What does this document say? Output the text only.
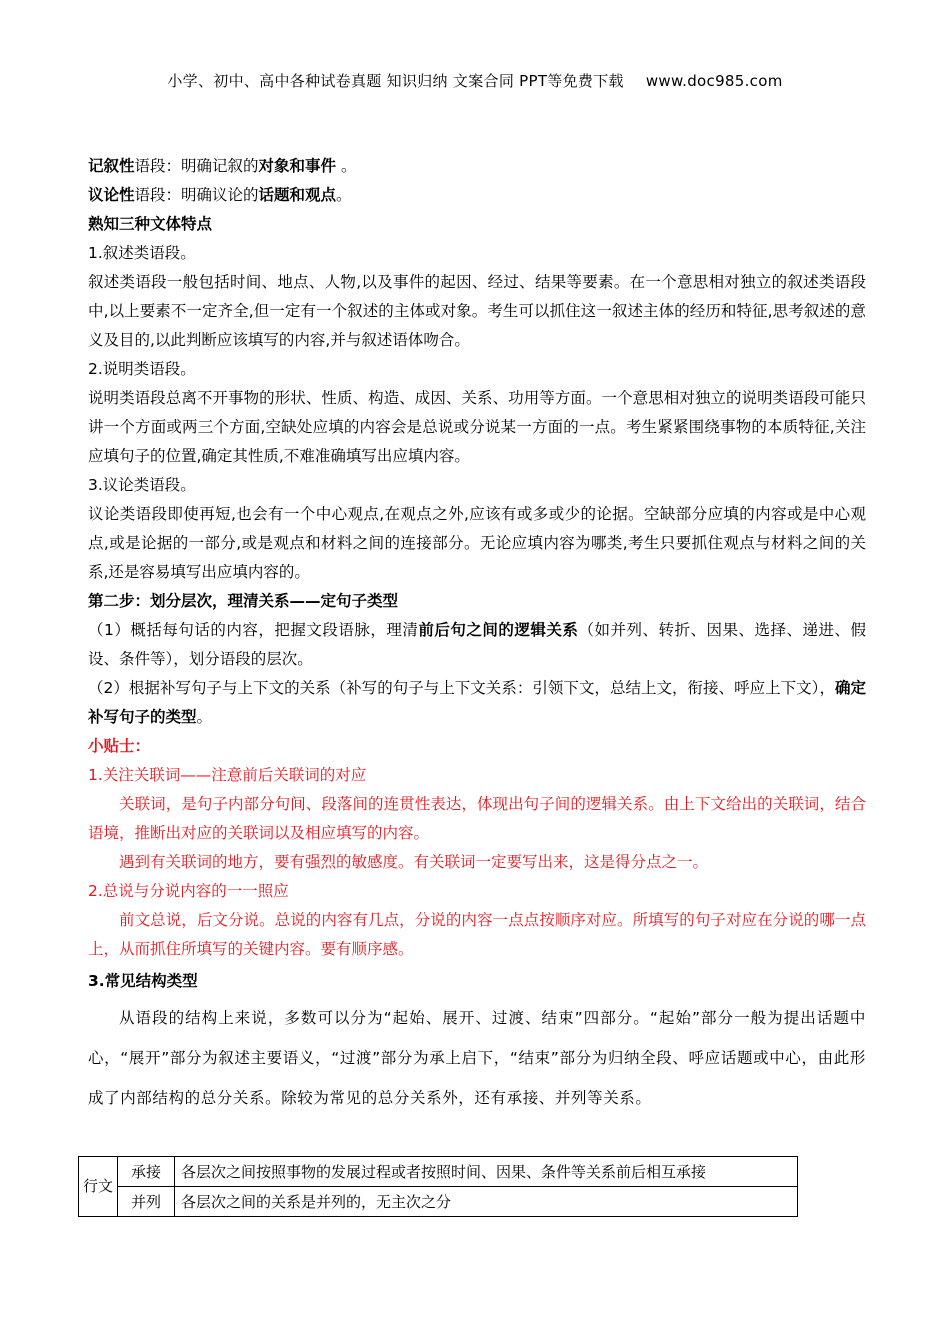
小学、初中、高中各种试卷真题 知识归纳 文案合同 PPT等免费下载 www.doc985.com
记叙性语段：明确记叙的对象和事件 。
议论性语段：明确议论的话题和观点。
熟知三种文体特点
1.叙述类语段。
叙述类语段一般包括时间、地点、人物,以及事件的起因、经过、结果等要素。在一个意思相对独立的叙述类语段中,以上要素不一定齐全,但一定有一个叙述的主体或对象。考生可以抓住这一叙述主体的经历和特征,思考叙述的意义及目的,以此判断应该填写的内容,并与叙述语体吻合。
2.说明类语段。
说明类语段总离不开事物的形状、性质、构造、成因、关系、功用等方面。一个意思相对独立的说明类语段可能只讲一个方面或两三个方面,空缺处应填的内容会是总说或分说某一方面的一点。考生紧紧围绕事物的本质特征,关注应填句子的位置,确定其性质,不难准确填写出应填内容。
3.议论类语段。
议论类语段即使再短,也会有一个中心观点,在观点之外,应该有或多或少的论据。空缺部分应填的内容或是中心观点,或是论据的一部分,或是观点和材料之间的连接部分。无论应填内容为哪类,考生只要抓住观点与材料之间的关系,还是容易填写出应填内容的。
第二步：划分层次，理清关系——定句子类型
（1）概括每句话的内容，把握文段语脉，理清前后句之间的逻辑关系（如并列、转折、因果、选择、递进、假设、条件等），划分语段的层次。
（2）根据补写句子与上下文的关系（补写的句子与上下文关系：引领下文，总结上文，衔接、呼应上下文），确定补写句子的类型。
小贴士：
1.关注关联词——注意前后关联词的对应
关联词，是句子内部分句间、段落间的连贯性表达，体现出句子间的逻辑关系。由上下文给出的关联词，结合语境，推断出对应的关联词以及相应填写的内容。
遇到有关联词的地方，要有强烈的敏感度。有关联词一定要写出来，这是得分点之一。
2.总说与分说内容的一一照应
前文总说，后文分说。总说的内容有几点，分说的内容一点点按顺序对应。所填写的句子对应在分说的哪一点上，从而抓住所填写的关键内容。要有顺序感。
3.常见结构类型
从语段的结构上来说，多数可以分为“起始、展开、过渡、结束”四部分。“起始”部分一般为提出话题中心，“展开”部分为叙述主要语义，“过渡”部分为承上启下，“结束”部分为归纳全段、呼应话题或中心，由此形成了内部结构的总分关系。除较为常见的总分关系外，还有承接、并列等关系。
行文	承接	各层次之间按照事物的发展过程或者按照时间、因果、条件等关系前后相互承接
	并列	各层次之间的关系是并列的，无主次之分
